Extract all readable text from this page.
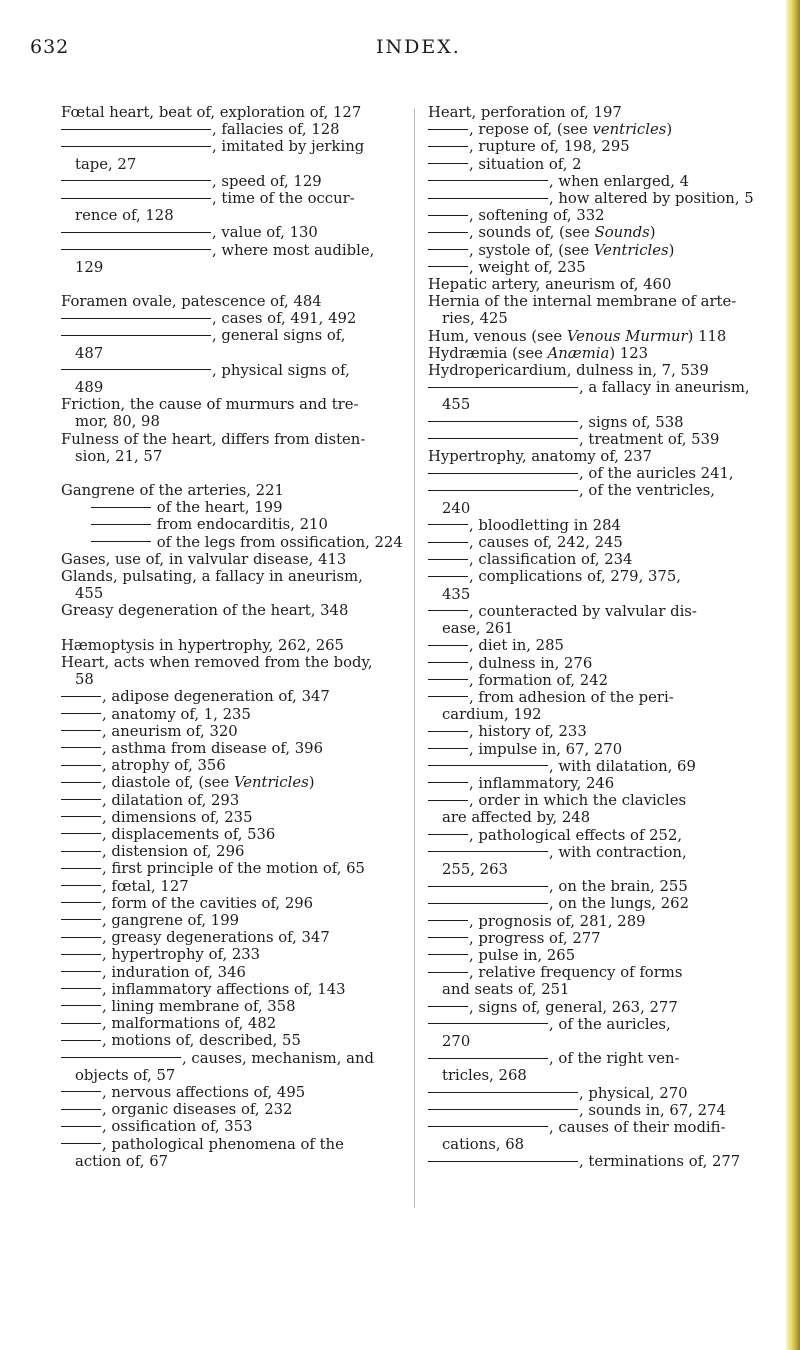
632	INDEX.

Fœtal heart, beat of, exploration of, 127

, fallacies of, 128

, imitated by jerking

tape, 27

, speed of, 129

, time of the occur-

rence of, 128

, value of, 130

, where most audible,

129

Foramen ovale, patescence of, 484

, cases of, 491, 492

, general signs of,

487

, physical signs of,

489

Friction, the cause of murmurs and tre-

mor, 80, 98

Fulness of the heart, differs from disten-

sion, 21, 57

Gangrene of the arteries, 221

of the heart, 199

from endocarditis, 210

of the legs from ossification, 224

Gases, use of, in valvular disease, 413

Glands, pulsating, a fallacy in aneurism,

455

Greasy degeneration of the heart, 348

Hæmoptysis in hypertrophy, 262, 265

Heart, acts when removed from the body,

58

, adipose degeneration of, 347

, anatomy of, 1, 235

, aneurism of, 320

, asthma from disease of, 396

, atrophy of, 356

, diastole of, (see Ventricles)

, dilatation of, 293

, dimensions of, 235

, displacements of, 536

, distension of, 296

, first principle of the motion of, 65

, fœtal, 127

, form of the cavities of, 296

, gangrene of, 199

, greasy degenerations of, 347

, hypertrophy of, 233

, induration of, 346

, inflammatory affections of, 143

, lining membrane of, 358

, malformations of, 482

, motions of, described, 55

, causes, mechanism, and

objects of, 57

, nervous affections of, 495

, organic diseases of, 232

, ossification of, 353

, pathological phenomena of the

action of, 67

Heart, perforation of, 197

, repose of, (see ventricles)

, rupture of, 198, 295

, situation of, 2

, when enlarged, 4

, how altered by position, 5

, softening of, 332

, sounds of, (see Sounds)

, systole of, (see Ventricles)

, weight of, 235

Hepatic artery, aneurism of, 460

Hernia of the internal membrane of arte-

ries, 425

Hum, venous (see Venous Murmur) 118

Hydræmia (see Anæmia) 123

Hydropericardium, dulness in, 7, 539

, a fallacy in aneurism,

455

, signs of, 538

, treatment of, 539

Hypertrophy, anatomy of, 237

, of the auricles 241,

, of the ventricles,

240

, bloodletting in 284

, causes of, 242, 245

, classification of, 234

, complications of, 279, 375,

435

, counteracted by valvular dis-

ease, 261

, diet in, 285

, dulness in, 276

, formation of, 242

, from adhesion of the peri-

cardium, 192

, history of, 233

, impulse in, 67, 270

, with dilatation, 69

, inflammatory, 246

, order in which the clavicles

are affected by, 248

, pathological effects of 252,

, with contraction,

255, 263

, on the brain, 255

, on the lungs, 262

, prognosis of, 281, 289

, progress of, 277

, pulse in, 265

, relative frequency of forms

and seats of, 251

, signs of, general, 263, 277

, of the auricles,

270

, of the right ven-

tricles, 268

, physical, 270

, sounds in, 67, 274

, causes of their modifi-

cations, 68

, terminations of, 277
